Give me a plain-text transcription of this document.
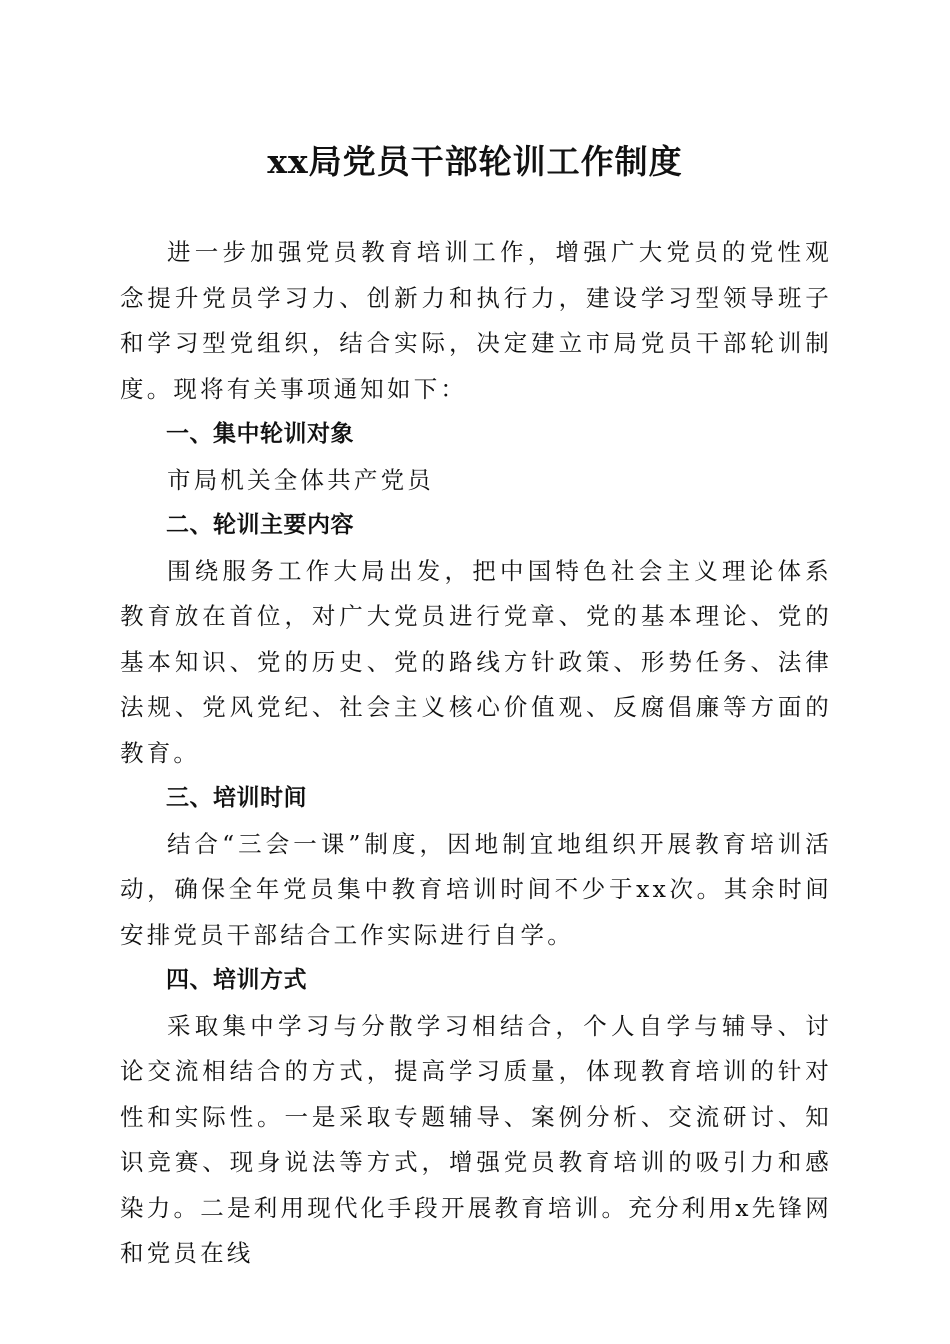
xx局党员干部轮训工作制度

进一步加强党员教育培训工作，增强广大党员的党性观念提升党员学习力、创新力和执行力，建设学习型领导班子和学习型党组织，结合实际，决定建立市局党员干部轮训制度。现将有关事项通知如下：

一、集中轮训对象

市局机关全体共产党员

二、轮训主要内容

围绕服务工作大局出发，把中国特色社会主义理论体系教育放在首位，对广大党员进行党章、党的基本理论、党的基本知识、党的历史、党的路线方针政策、形势任务、法律法规、党风党纪、社会主义核心价值观、反腐倡廉等方面的教育。

三、培训时间

结合“三会一课”制度，因地制宜地组织开展教育培训活动，确保全年党员集中教育培训时间不少于xx次。其余时间安排党员干部结合工作实际进行自学。

四、培训方式

采取集中学习与分散学习相结合，个人自学与辅导、讨论交流相结合的方式，提高学习质量，体现教育培训的针对性和实际性。一是采取专题辅导、案例分析、交流研讨、知识竞赛、现身说法等方式，增强党员教育培训的吸引力和感染力。二是利用现代化手段开展教育培训。充分利用x先锋网和党员在线
